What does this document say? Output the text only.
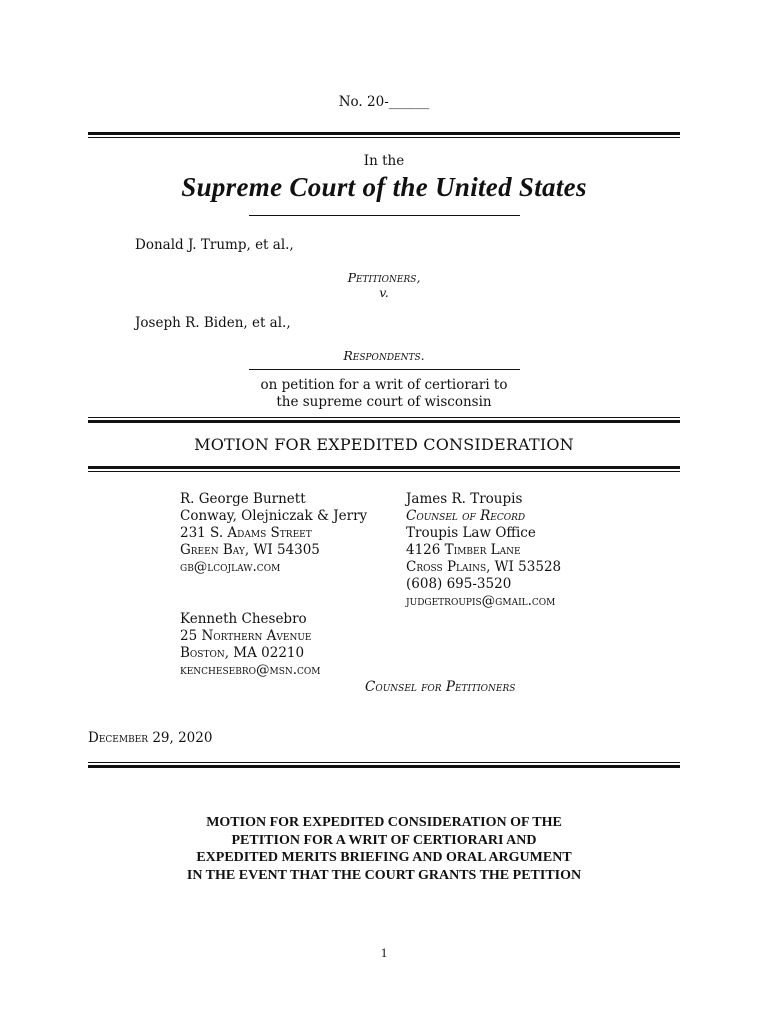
No. 20-______
In the
Supreme Court of the United States
Donald J. Trump, et al.,
Petitioners,
v.
Joseph R. Biden, et al.,
Respondents.
on petition for a writ of certiorari to
the supreme court of wisconsin
MOTION FOR EXPEDITED CONSIDERATION
R. George Burnett
Conway, Olejniczak & Jerry
231 S. Adams Street
Green Bay, WI 54305
gb@lcojlaw.com
James R. Troupis
Counsel of Record
Troupis Law Office
4126 Timber Lane
Cross Plains, WI 53528
(608) 695-3520
judgetroupis@gmail.com
Kenneth Chesebro
25 Northern Avenue
Boston, MA 02210
kenchesebro@msn.com
Counsel for Petitioners
December 29, 2020
MOTION FOR EXPEDITED CONSIDERATION OF THE
PETITION FOR A WRIT OF CERTIORARI AND
EXPEDITED MERITS BRIEFING AND ORAL ARGUMENT
IN THE EVENT THAT THE COURT GRANTS THE PETITION
1
